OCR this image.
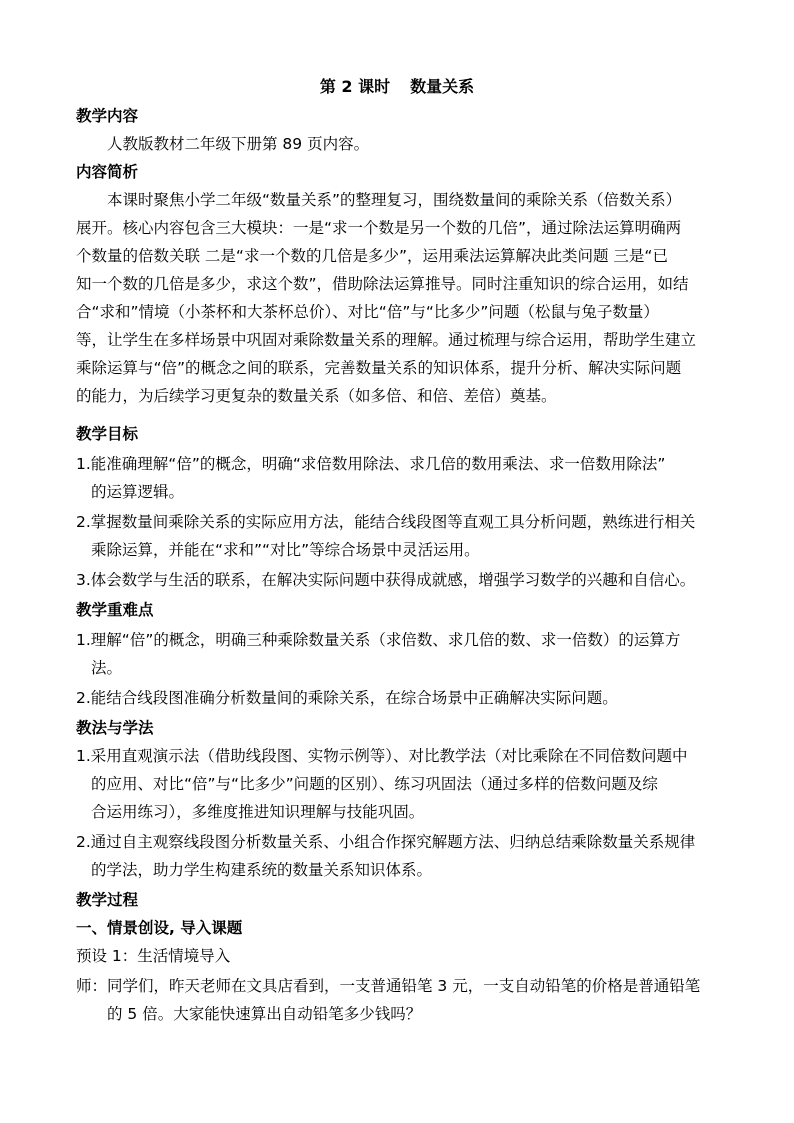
第 2 课时 数量关系
教学内容
人教版教材二年级下册第 89 页内容。
内容简析
本课时聚焦小学二年级“数量关系”的整理复习，围绕数量间的乘除关系（倍数关系）
展开。核心内容包含三大模块：一是“求一个数是另一个数的几倍”，通过除法运算明确两
个数量的倍数关联 二是“求一个数的几倍是多少”，运用乘法运算解决此类问题 三是“已
知一个数的几倍是多少，求这个数”，借助除法运算推导。同时注重知识的综合运用，如结
合“求和”情境（小茶杯和大茶杯总价）、对比“倍”与“比多少”问题（松鼠与兔子数量）
等，让学生在多样场景中巩固对乘除数量关系的理解。通过梳理与综合运用，帮助学生建立
乘除运算与“倍”的概念之间的联系，完善数量关系的知识体系，提升分析、解决实际问题
的能力，为后续学习更复杂的数量关系（如多倍、和倍、差倍）奠基。
教学目标
1.能准确理解“倍”的概念，明确“求倍数用除法、求几倍的数用乘法、求一倍数用除法”
的运算逻辑。
2.掌握数量间乘除关系的实际应用方法，能结合线段图等直观工具分析问题，熟练进行相关
乘除运算，并能在“求和”“对比”等综合场景中灵活运用。
3.体会数学与生活的联系，在解决实际问题中获得成就感，增强学习数学的兴趣和自信心。
教学重难点
1.理解“倍”的概念，明确三种乘除数量关系（求倍数、求几倍的数、求一倍数）的运算方
法。
2.能结合线段图准确分析数量间的乘除关系，在综合场景中正确解决实际问题。
教法与学法
1.采用直观演示法（借助线段图、实物示例等）、对比教学法（对比乘除在不同倍数问题中
的应用、对比“倍”与“比多少”问题的区别）、练习巩固法（通过多样的倍数问题及综
合运用练习），多维度推进知识理解与技能巩固。
2.通过自主观察线段图分析数量关系、小组合作探究解题方法、归纳总结乘除数量关系规律
的学法，助力学生构建系统的数量关系知识体系。
教学过程
一、情景创设, 导入课题
预设 1：生活情境导入
师：同学们，昨天老师在文具店看到，一支普通铅笔 3 元，一支自动铅笔的价格是普通铅笔
的 5 倍。大家能快速算出自动铅笔多少钱吗？
